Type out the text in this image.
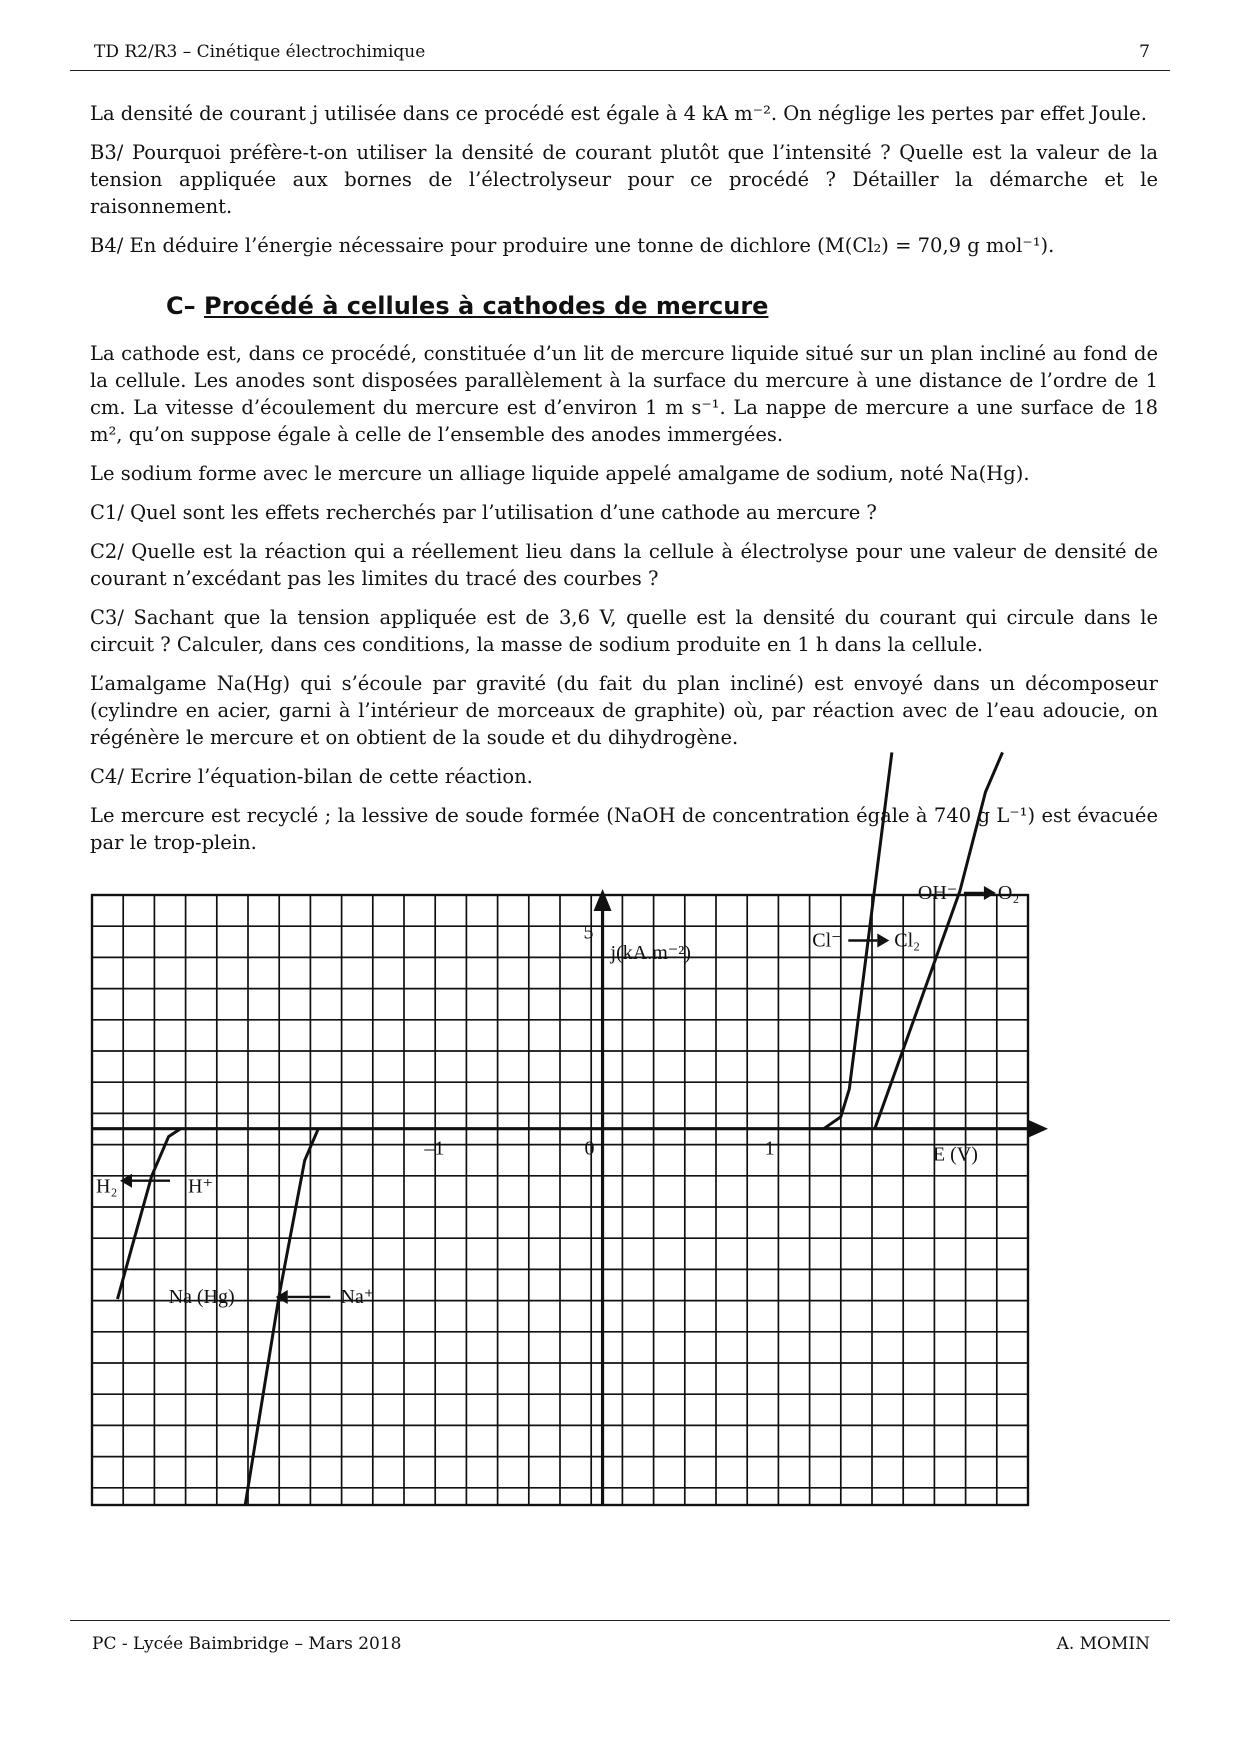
TD R2/R3 – Cinétique électrochimique	7

La densité de courant j utilisée dans ce procédé est égale à 4 kA m⁻². On néglige les pertes par effet Joule.

B3/ Pourquoi préfère-t-on utiliser la densité de courant plutôt que l’intensité ? Quelle est la valeur de la tension appliquée aux bornes de l’électrolyseur pour ce procédé ? Détailler la démarche et le raisonnement.

B4/ En déduire l’énergie nécessaire pour produire une tonne de dichlore (M(Cl₂) = 70,9 g mol⁻¹).

C– Procédé à cellules à cathodes de mercure

La cathode est, dans ce procédé, constituée d’un lit de mercure liquide situé sur un plan incliné au fond de la cellule. Les anodes sont disposées parallèlement à la surface du mercure à une distance de l’ordre de 1 cm. La vitesse d’écoulement du mercure est d’environ 1 m s⁻¹. La nappe de mercure a une surface de 18 m², qu’on suppose égale à celle de l’ensemble des anodes immergées.

Le sodium forme avec le mercure un alliage liquide appelé amalgame de sodium, noté Na(Hg).

C1/ Quel sont les effets recherchés par l’utilisation d’une cathode au mercure ?

C2/ Quelle est la réaction qui a réellement lieu dans la cellule à électrolyse pour une valeur de densité de courant n’excédant pas les limites du tracé des courbes ?

C3/ Sachant que la tension appliquée est de 3,6 V, quelle est la densité du courant qui circule dans le circuit ? Calculer, dans ces conditions, la masse de sodium produite en 1 h dans la cellule.

L’amalgame Na(Hg) qui s’écoule par gravité (du fait du plan incliné) est envoyé dans un décomposeur (cylindre en acier, garni à l’intérieur de morceaux de graphite) où, par réaction avec de l’eau adoucie, on régénère le mercure et on obtient de la soude et du dihydrogène.

C4/ Ecrire l’équation-bilan de cette réaction.

Le mercure est recyclé ; la lessive de soude formée (NaOH de concentration égale à 740 g L⁻¹) est évacuée par le trop-plein.

–1	0	1
5
j(kA.m⁻²)
E (V)
Cl⁻	Cl₂
OH⁻ O₂
H₂	H⁺
Na (Hg)	Na⁺
PC - Lycée Baimbridge – Mars 2018	A. MOMIN
